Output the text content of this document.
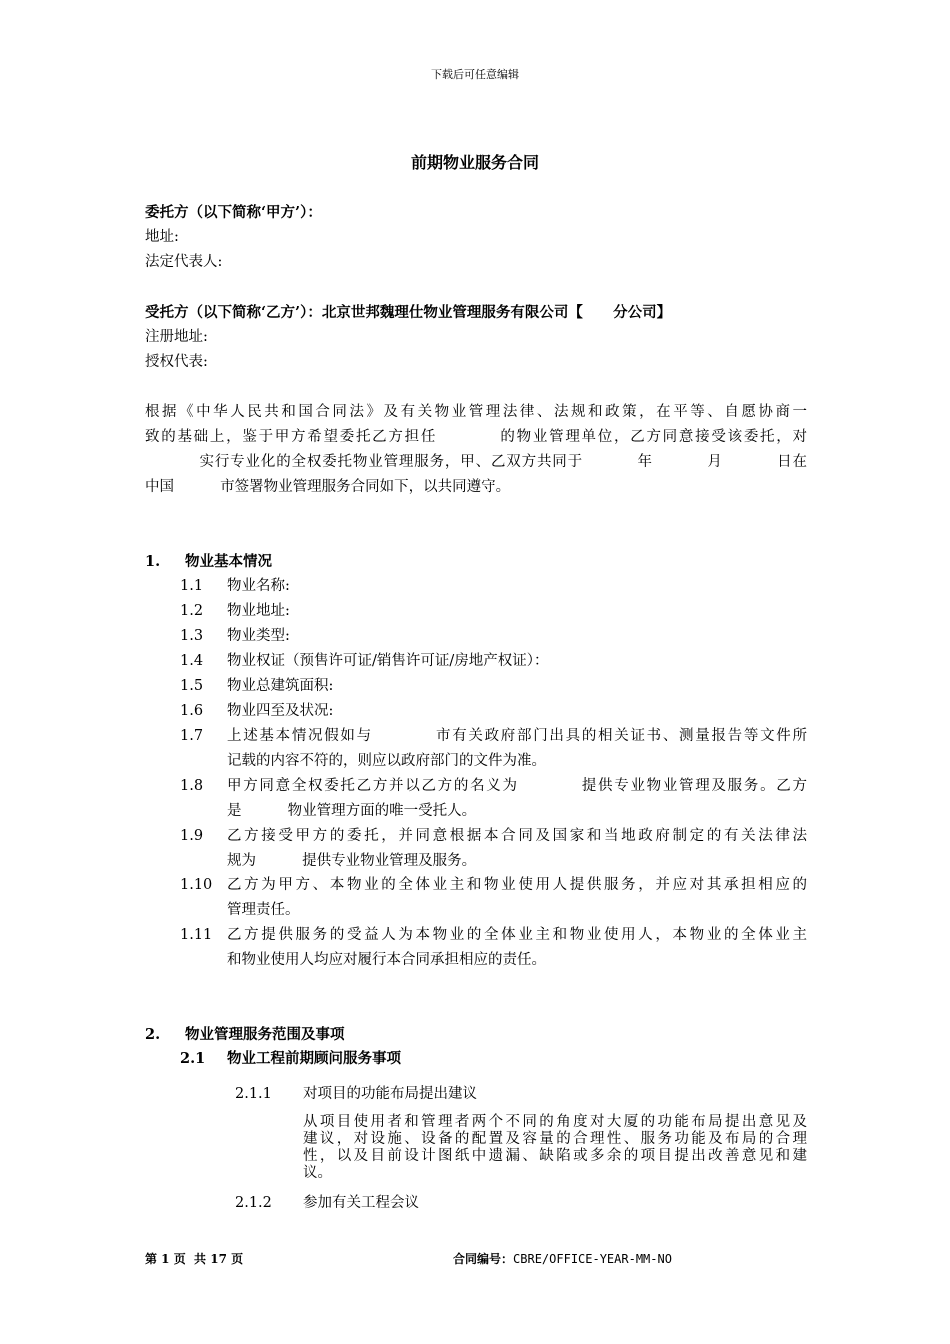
下载后可任意编辑
前期物业服务合同
委托方（以下简称‘甲方’）：
地址:
法定代表人:
受托方（以下简称‘乙方’）：北京世邦魏理仕物业管理服务有限公司【      分公司】
注册地址:
授权代表:
根据《中华人民共和国合同法》及有关物业管理法律、法规和政策，在平等、自愿协商一
致的基础上，鉴于甲方希望委托乙方担任          的物业管理单位，乙方同意接受该委托，对
实行专业化的全权委托物业管理服务，甲、乙双方共同于          年          月          日在
中国          市签署物业管理服务合同如下，以共同遵守。
1. 物业基本情况
1.1 物业名称:
1.2 物业地址:
1.3 物业类型:
1.4 物业权证（预售许可证/销售许可证/房地产权证）：
1.5 物业总建筑面积:
1.6 物业四至及状况:
1.7 上述基本情况假如与          市有关政府部门出具的相关证书、测量报告等文件所
记载的内容不符的，则应以政府部门的文件为准。
1.8 甲方同意全权委托乙方并以乙方的名义为          提供专业物业管理及服务。乙方
是          物业管理方面的唯一受托人。
1.9 乙方接受甲方的委托，并同意根据本合同及国家和当地政府制定的有关法律法
规为          提供专业物业管理及服务。
1.10 乙方为甲方、本物业的全体业主和物业使用人提供服务，并应对其承担相应的
管理责任。
1.11 乙方提供服务的受益人为本物业的全体业主和物业使用人，本物业的全体业主
和物业使用人均应对履行本合同承担相应的责任。
2. 物业管理服务范围及事项
2.1 物业工程前期顾问服务事项
2.1.1 对项目的功能布局提出建议
从项目使用者和管理者两个不同的角度对大厦的功能布局提出意见及
建议，对设施、设备的配置及容量的合理性、服务功能及布局的合理
性，以及目前设计图纸中遗漏、缺陷或多余的项目提出改善意见和建
议。
2.1.2 参加有关工程会议
第 1 页  共 17 页	合同编号：CBRE/OFFICE-YEAR-MM-NO
